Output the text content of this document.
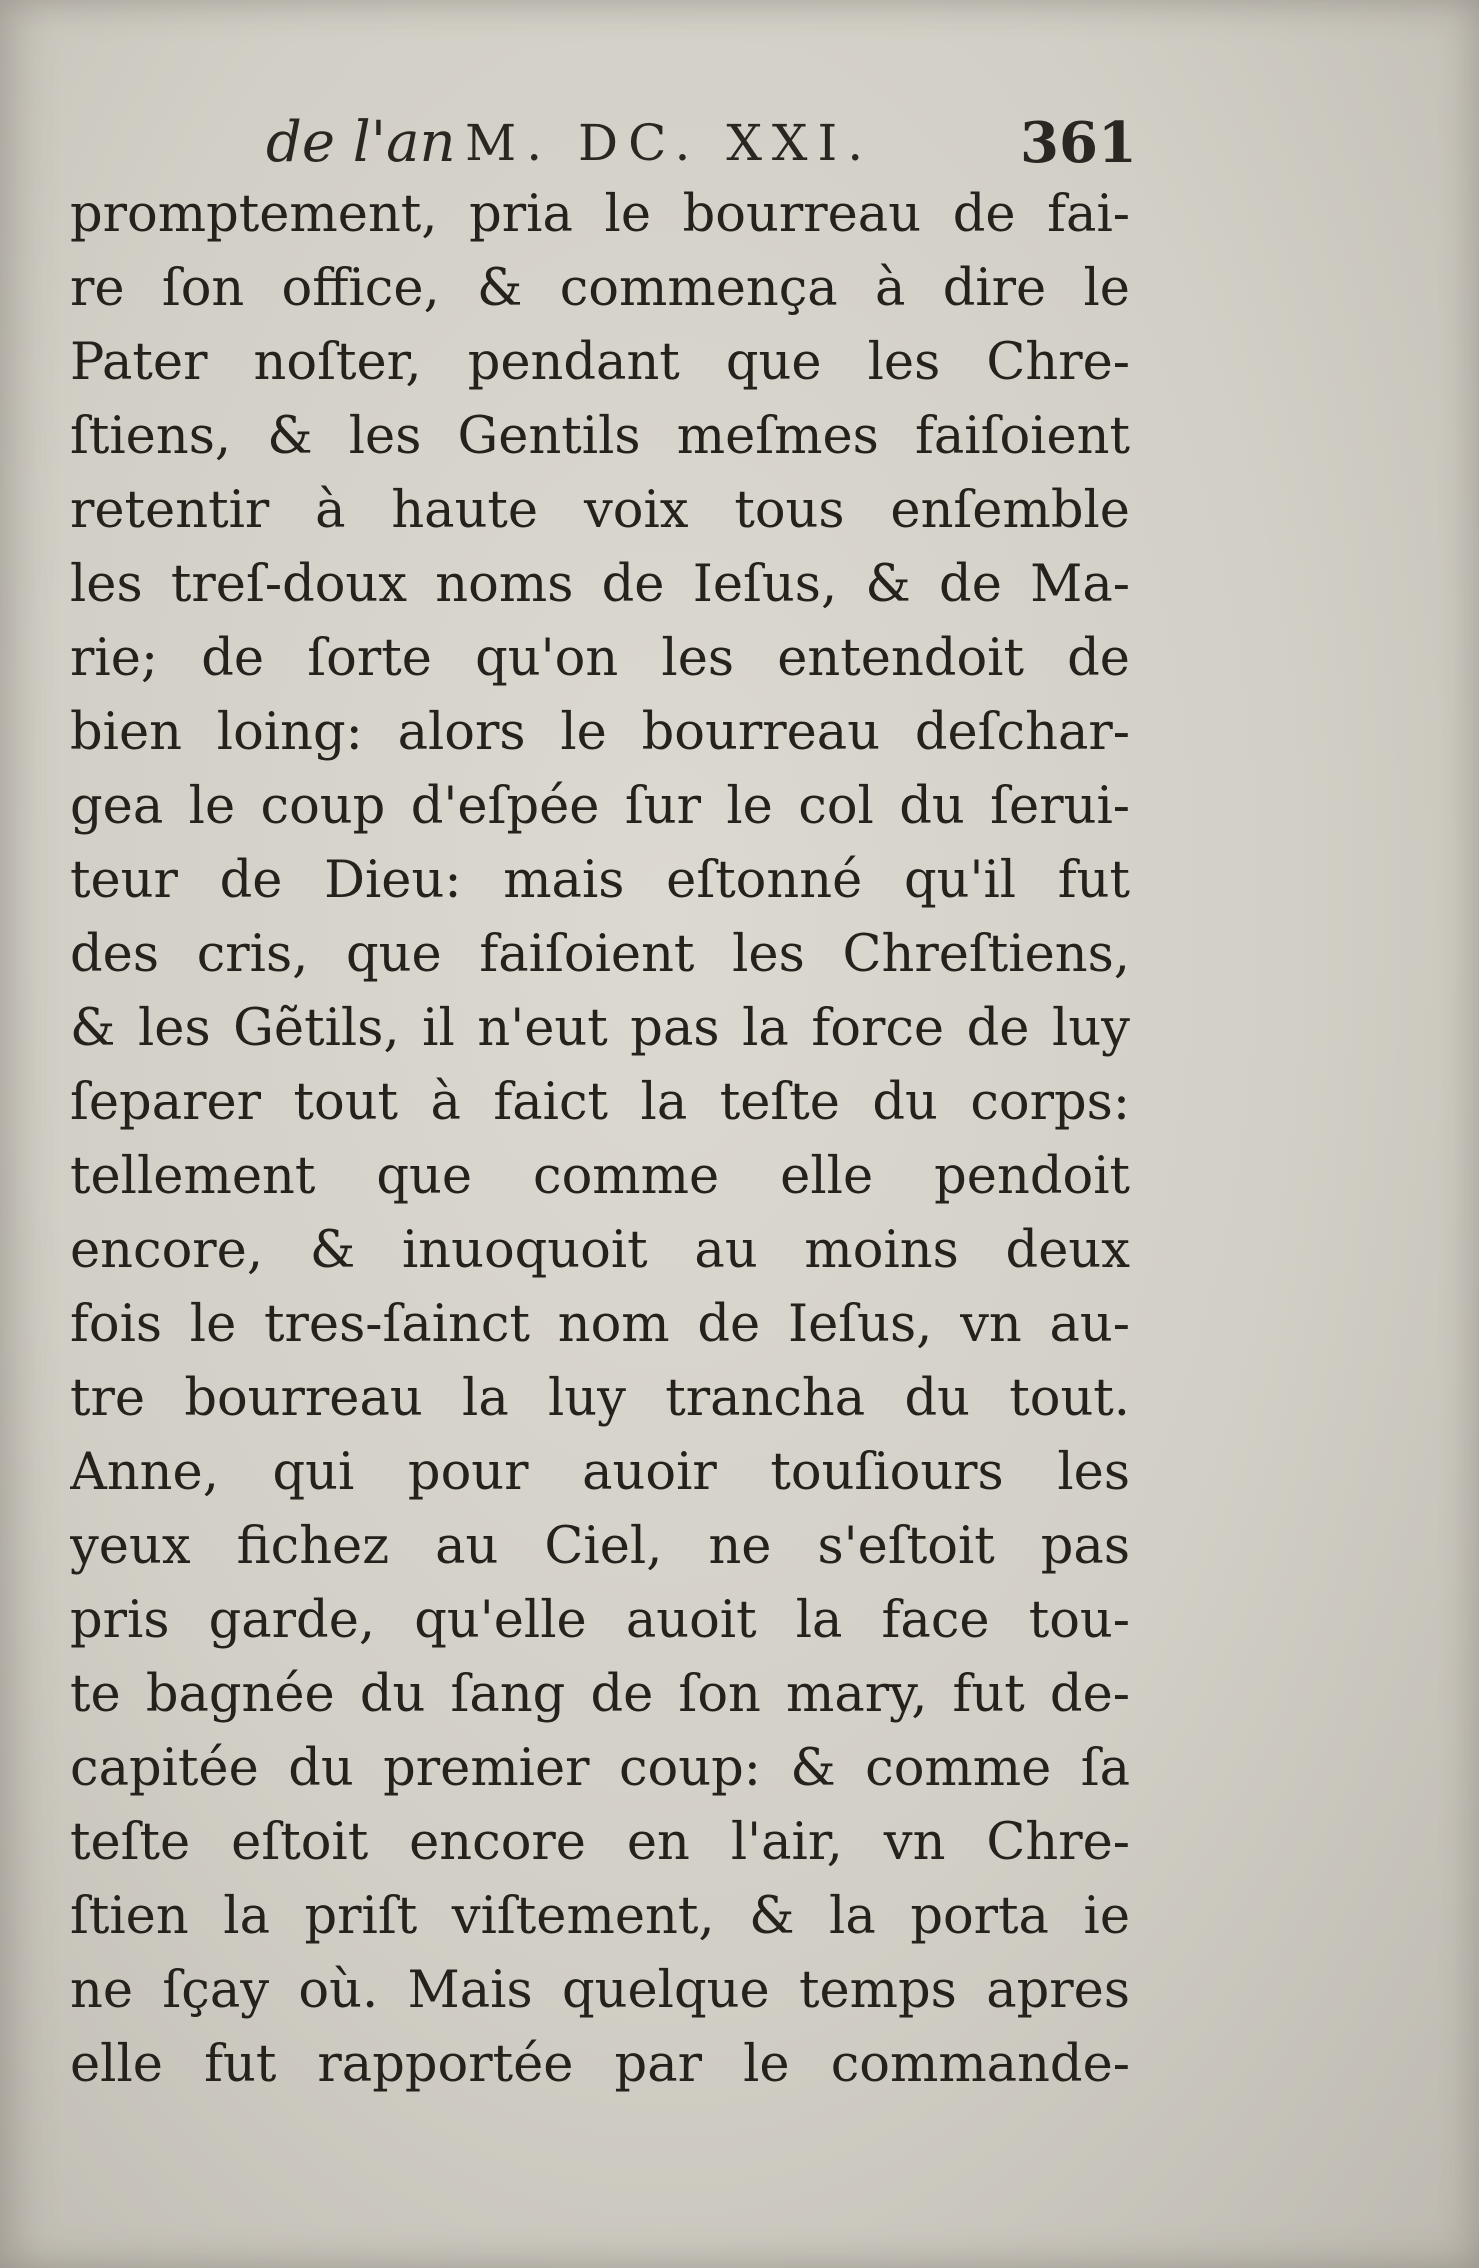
de l'an M. DC. XXI.	361
promptement, pria le bourreau de fai-
re ſon office, & commença à dire le
Pater noſter, pendant que les Chre-
ſtiens, & les Gentils meſmes faiſoient
retentir à haute voix tous enſemble
les treſ-doux noms de Ieſus, & de Ma-
rie; de ſorte qu'on les entendoit de
bien loing: alors le bourreau deſchar-
gea le coup d'eſpée ſur le col du ſerui-
teur de Dieu: mais eſtonné qu'il fut
des cris, que faiſoient les Chreſtiens,
& les Gẽtils, il n'eut pas la force de luy
ſeparer tout à faict la teſte du corps:
tellement que comme elle pendoit
encore, & inuoquoit au moins deux
fois le tres-ſainct nom de Ieſus, vn au-
tre bourreau la luy trancha du tout.
Anne, qui pour auoir touſiours les
yeux fichez au Ciel, ne s'eſtoit pas
pris garde, qu'elle auoit la face tou-
te bagnée du ſang de ſon mary, fut de-
capitée du premier coup: & comme ſa
teſte eſtoit encore en l'air, vn Chre-
ſtien la priſt viſtement, & la porta ie
ne ſçay où. Mais quelque temps apres
elle fut rapportée par le commande-
